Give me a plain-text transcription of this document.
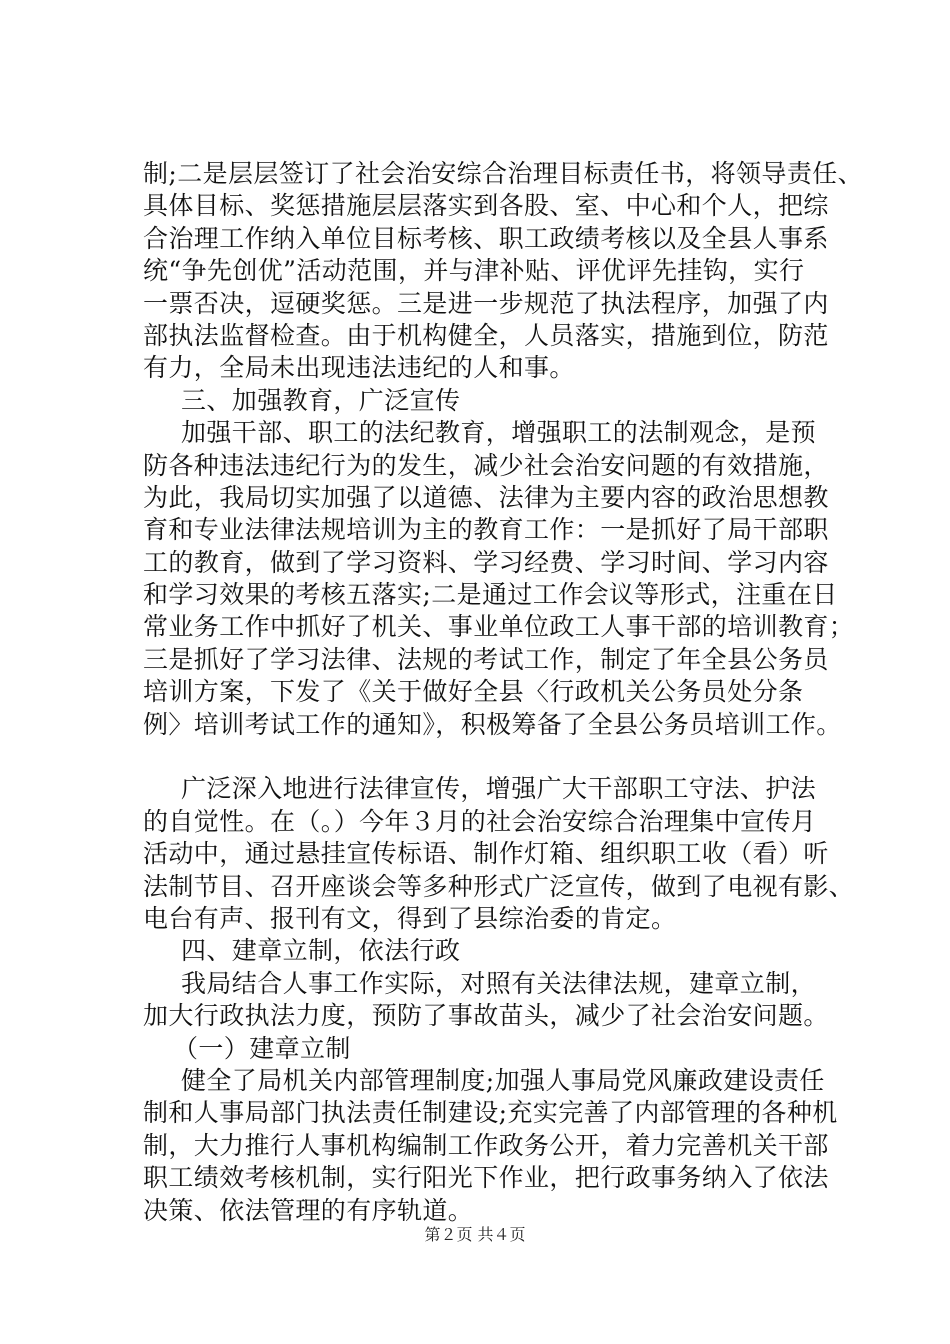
制;二是层层签订了社会治安综合治理目标责任书，将领导责任、
具体目标、奖惩措施层层落实到各股、室、中心和个人，把综
合治理工作纳入单位目标考核、职工政绩考核以及全县人事系
统“争先创优”活动范围，并与津补贴、评优评先挂钩，实行
一票否决，逗硬奖惩。三是进一步规范了执法程序，加强了内
部执法监督检查。由于机构健全，人员落实，措施到位，防范
有力，全局未出现违法违纪的人和事。
三、加强教育，广泛宣传
加强干部、职工的法纪教育，增强职工的法制观念，是预
防各种违法违纪行为的发生，减少社会治安问题的有效措施，
为此，我局切实加强了以道德、法律为主要内容的政治思想教
育和专业法律法规培训为主的教育工作：一是抓好了局干部职
工的教育，做到了学习资料、学习经费、学习时间、学习内容
和学习效果的考核五落实;二是通过工作会议等形式，注重在日
常业务工作中抓好了机关、事业单位政工人事干部的培训教育；
三是抓好了学习法律、法规的考试工作，制定了年全县公务员
培训方案，下发了《关于做好全县〈行政机关公务员处分条
例〉培训考试工作的通知》，积极筹备了全县公务员培训工作。
广泛深入地进行法律宣传，增强广大干部职工守法、护法
的自觉性。在（。）今年３月的社会治安综合治理集中宣传月
活动中，通过悬挂宣传标语、制作灯箱、组织职工收（看）听
法制节目、召开座谈会等多种形式广泛宣传，做到了电视有影、
电台有声、报刊有文，得到了县综治委的肯定。
四、建章立制，依法行政
我局结合人事工作实际，对照有关法律法规，建章立制，
加大行政执法力度，预防了事故苗头，减少了社会治安问题。
（一）建章立制
健全了局机关内部管理制度;加强人事局党风廉政建设责任
制和人事局部门执法责任制建设;充实完善了内部管理的各种机
制，大力推行人事机构编制工作政务公开，着力完善机关干部
职工绩效考核机制，实行阳光下作业，把行政事务纳入了依法
决策、依法管理的有序轨道。
第２页 共４页
